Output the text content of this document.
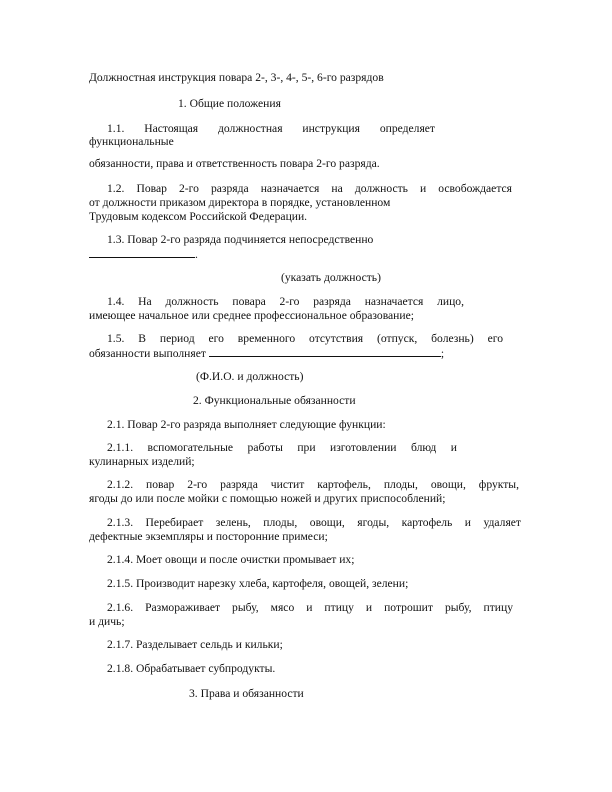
Должностная инструкция повара 2-, 3-, 4-, 5-, 6-го разрядов
1. Общие положения
1.1. Настоящая должностная инструкция определяет
функциональные
обязанности, права и ответственность повара 2-го разряда.
1.2. Повар 2-го разряда назначается на должность и освобождается
от должности приказом директора в порядке, установленном
Трудовым кодексом Российской Федерации.
1.3. Повар 2-го разряда подчиняется непосредственно
.
(указать должность)
1.4. На должность повара 2-го разряда назначается лицо,
имеющее начальное или среднее профессиональное образование;
1.5. В период его временного отсутствия (отпуск, болезнь) его
обязанности выполняет	;
(Ф.И.О. и должность)
2. Функциональные обязанности
2.1. Повар 2-го разряда выполняет следующие функции:
2.1.1. вспомогательные работы при изготовлении блюд и
кулинарных изделий;
2.1.2. повар 2-го разряда чистит картофель, плоды, овощи, фрукты,
ягоды до или после мойки с помощью ножей и других приспособлений;
2.1.3. Перебирает зелень, плоды, овощи, ягоды, картофель и удаляет
дефектные экземпляры и посторонние примеси;
2.1.4. Моет овощи и после очистки промывает их;
2.1.5. Производит нарезку хлеба, картофеля, овощей, зелени;
2.1.6. Размораживает рыбу, мясо и птицу и потрошит рыбу, птицу
и дичь;
2.1.7. Разделывает сельдь и кильки;
2.1.8. Обрабатывает субпродукты.
3. Права и обязанности
